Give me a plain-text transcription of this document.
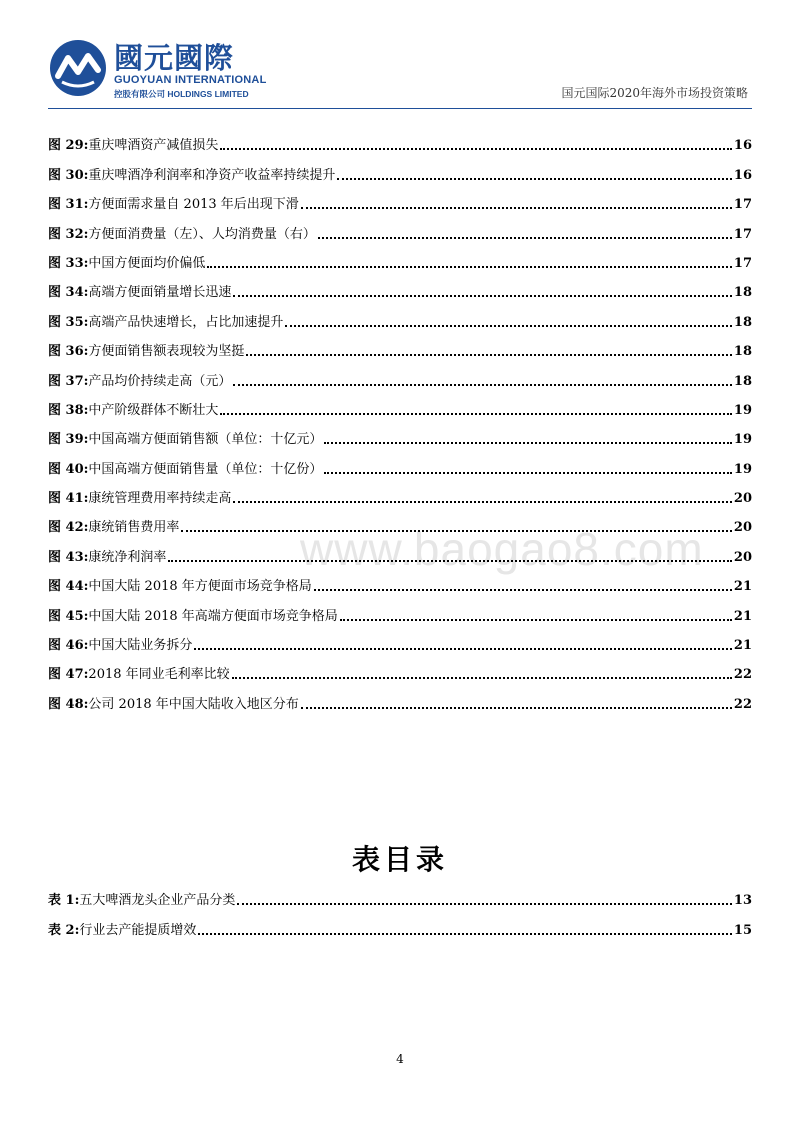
國元國際
GUOYUAN INTERNATIONAL
控股有限公司 HOLDINGS LIMITED	国元国际2020年海外市场投资策略
www.baogao8.com
图 29: 重庆啤酒资产减值损失	16
图 30: 重庆啤酒净利润率和净资产收益率持续提升	16
图 31: 方便面需求量自 2013 年后出现下滑	17
图 32: 方便面消费量（左）、人均消费量（右）	17
图 33: 中国方便面均价偏低	17
图 34: 高端方便面销量增长迅速	18
图 35: 高端产品快速增长，占比加速提升	18
图 36: 方便面销售额表现较为坚挺	18
图 37: 产品均价持续走高（元）	18
图 38: 中产阶级群体不断壮大	19
图 39: 中国高端方便面销售额（单位：十亿元）	19
图 40: 中国高端方便面销售量（单位：十亿份）	19
图 41: 康统管理费用率持续走高	20
图 42: 康统销售费用率	20
图 43: 康统净利润率	20
图 44: 中国大陆 2018 年方便面市场竞争格局	21
图 45: 中国大陆 2018 年高端方便面市场竞争格局	21
图 46: 中国大陆业务拆分	21
图 47: 2018 年同业毛利率比较	22
图 48: 公司 2018 年中国大陆收入地区分布	22
表目录
表 1: 五大啤酒龙头企业产品分类	13
表 2: 行业去产能提质增效	15
4
